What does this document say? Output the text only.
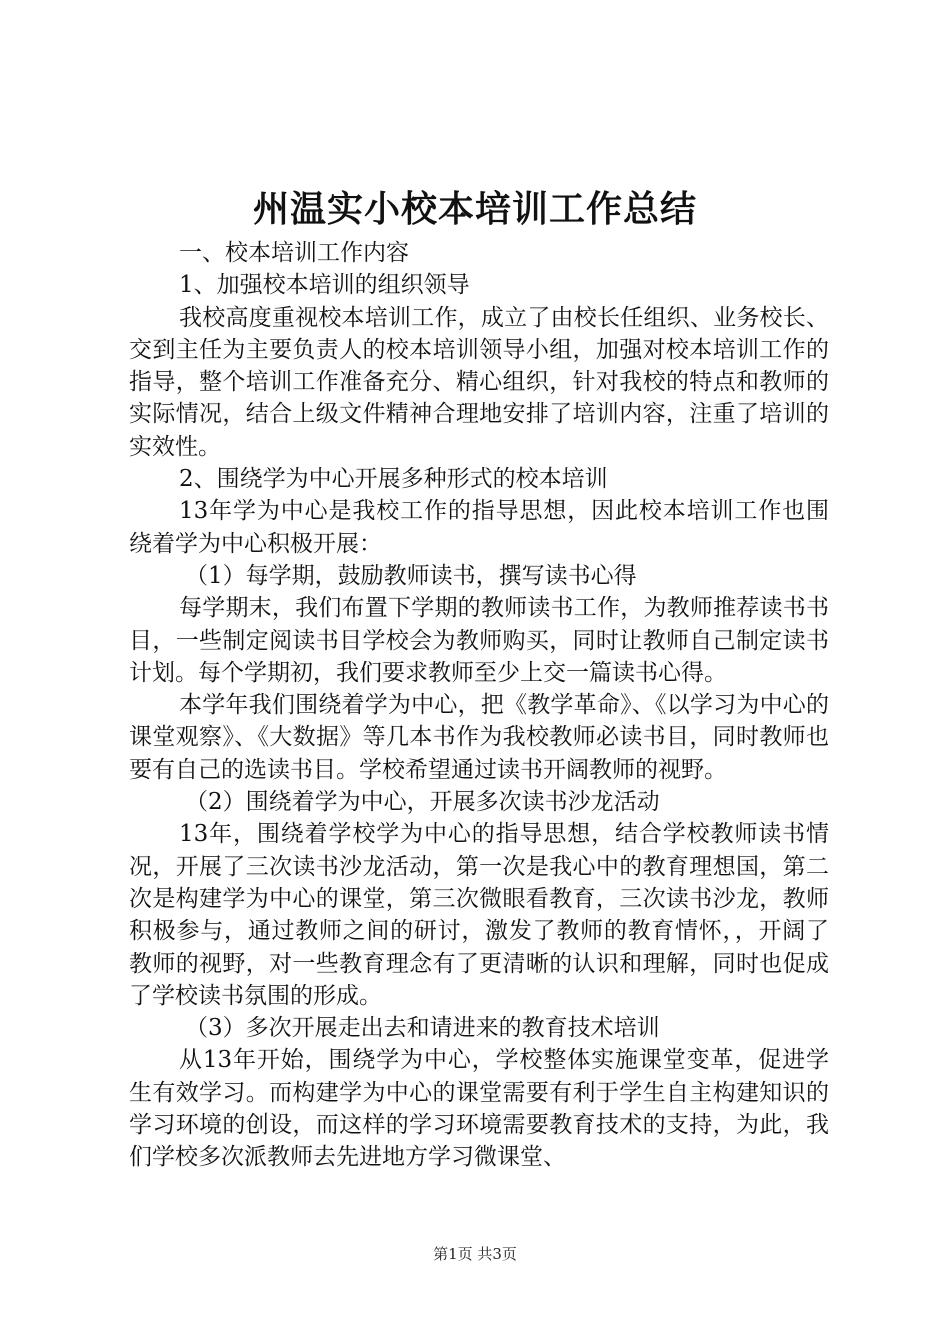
州温实小校本培训工作总结

一、校本培训工作内容

1、加强校本培训的组织领导

我校高度重视校本培训工作，成立了由校长任组织、业务校长、交到主任为主要负责人的校本培训领导小组，加强对校本培训工作的指导，整个培训工作准备充分、精心组织，针对我校的特点和教师的实际情况，结合上级文件精神合理地安排了培训内容，注重了培训的实效性。

2、围绕学为中心开展多种形式的校本培训

13年学为中心是我校工作的指导思想，因此校本培训工作也围绕着学为中心积极开展：

（1）每学期，鼓励教师读书，撰写读书心得

每学期末，我们布置下学期的教师读书工作，为教师推荐读书书目，一些制定阅读书目学校会为教师购买，同时让教师自己制定读书计划。每个学期初，我们要求教师至少上交一篇读书心得。

本学年我们围绕着学为中心，把《教学革命》、《以学习为中心的课堂观察》、《大数据》等几本书作为我校教师必读书目，同时教师也要有自己的选读书目。学校希望通过读书开阔教师的视野。

（2）围绕着学为中心，开展多次读书沙龙活动

13年，围绕着学校学为中心的指导思想，结合学校教师读书情况，开展了三次读书沙龙活动，第一次是我心中的教育理想国，第二次是构建学为中心的课堂，第三次微眼看教育，三次读书沙龙，教师积极参与，通过教师之间的研讨，激发了教师的教育情怀，，开阔了教师的视野，对一些教育理念有了更清晰的认识和理解，同时也促成了学校读书氛围的形成。

（3）多次开展走出去和请进来的教育技术培训

从13年开始，围绕学为中心，学校整体实施课堂变革，促进学生有效学习。而构建学为中心的课堂需要有利于学生自主构建知识的学习环境的创设，而这样的学习环境需要教育技术的支持，为此，我们学校多次派教师去先进地方学习微课堂、

第1页 共3页
